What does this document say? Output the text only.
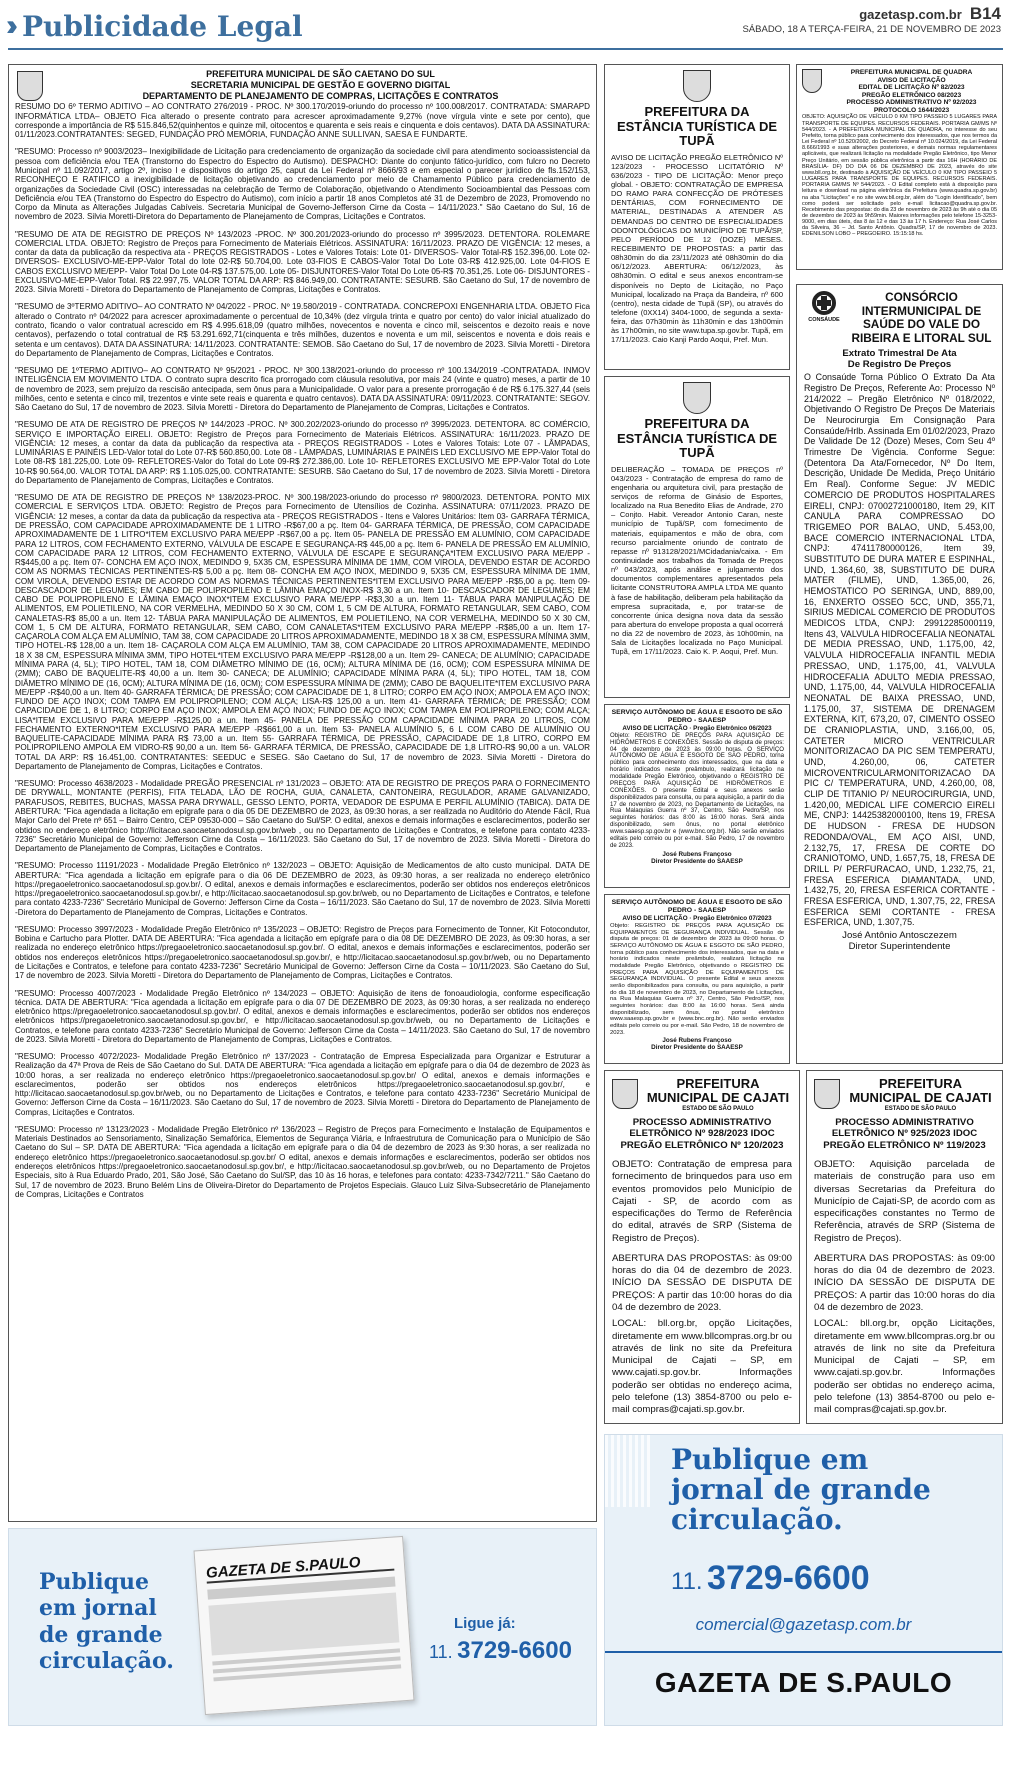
Publicidade Legal	gazetasp.com.br B14
SÁBADO, 18 A TERÇA-FEIRA, 21 DE NOVEMBRO DE 2023
PREFEITURA MUNICIPAL DE SÃO CAETANO DO SUL
SECRETARIA MUNICIPAL DE GESTÃO E GOVERNO DIGITAL
DEPARTAMENTO DE PLANEJAMENTO DE COMPRAS, LICITAÇÕES E CONTRATOS

RESUMO DO 6º TERMO ADITIVO – AO CONTRATO 276/2019 - PROC. Nº 300.170/2019-oriundo do processo nº 100.008/2017. CONTRATADA: SMARAPD INFORMÁTICA LTDA– OBJETO Fica alterado o presente contrato para acrescer aproximadamente 9,27% (nove vírgula vinte e sete por cento), que corresponde a importância de R$ 515.846,52(quinhentos e quinze mil, oitocentos e quarenta e seis reais e cinquenta e dois centavos). DATA DA ASSINATURA: 01/11/2023.CONTRATANTES: SEGED, FUNDAÇÃO PRÓ MEMÓRIA, FUNDAÇÃO ANNE SULLIVAN, SAESA E FUNDARTE.

"RESUMO: Processo nº 9003/2023– Inexigibilidade de Licitação para credenciamento de organização da sociedade civil para atendimento socioassistencial da pessoa com deficiência e/ou TEA (Transtorno do Espectro do Espectro do Autismo). DESPACHO: Diante do conjunto fático-jurídico, com fulcro no Decreto Municipal nº 11.092/2017, artigo 2º, inciso I e dispositivos do artigo 25, caput da Lei Federal nº 8666/93 e em especial o parecer jurídico de fls.152/153, RECONHEÇO E RATIFICO a inexigibilidade de licitação objetivando ao credenciamento por meio de Chamamento Público para credenciamento de organizações da Sociedade Civil (OSC) interessadas na celebração de Termo de Colaboração, objetivando o Atendimento Socioambiental das Pessoas com Deficiência e/ou TEA (Transtorno do Espectro do Espectro do Autismo), com início a partir 18 anos Completos até 31 de Dezembro de 2023, Promovendo no Corpo da Minuta as Alterações Julgadas Cabíveis. Secretaria Municipal de Governo-Jefferson Cirne da Costa – 14/11/2023." São Caetano do Sul, 16 de novembro de 2023. Silvia Moretti-Diretora do Departamento de Planejamento de Compras, Licitações e Contratos.

"RESUMO DE ATA DE REGISTRO DE PREÇOS Nº 143/2023 -PROC. Nº 300.201/2023-oriundo do processo nº 3995/2023. DETENTORA. ROLEMARE COMERCIAL LTDA. OBJETO: Registro de Preços para Fornecimento de Materiais Elétricos. ASSINATURA: 16/11/2023. PRAZO DE VIGÊNCIA: 12 meses, a contar da data da publicação da respectiva ata - PREÇOS REGISTRADOS - Lotes e Valores Totais: Lote 01- DIVERSOS- Valor Total-R$ 152.396,00. Lote 02- DIVERSOS- EXCLUSIVO-ME-EPP-Valor Total do lote 02-R$ 50.704,00. Lote 03-FIOS E CABOS-Valor Total Do Lote 03-R$ 412.925,00. Lote 04-FIOS E CABOS EXCLUSIVO ME/EPP- Valor Total Do Lote 04-R$ 137.575,00. Lote 05- DISJUNTORES-Valor Total Do Lote 05-R$ 70.351,25. Lote 06- DISJUNTORES - EXCLUSIVO-ME-EPP-Valor Total. R$ 22.997,75. VALOR TOTAL DA ARP: R$ 846.949,00. CONTRATANTE: SESURB. São Caetano do Sul, 17 de novembro de 2023. Silvia Moretti - Diretora do Departamento de Planejamento de Compras, Licitações e Contratos.

"RESUMO de 3ºTERMO ADITIVO– AO CONTRATO Nº 04/2022 - PROC. Nº 19.580/2019 - CONTRATADA. CONCREPOXI ENGENHARIA LTDA. OBJETO Fica alterado o Contrato nº 04/2022 para acrescer aproximadamente o percentual de 10,34% (dez vírgula trinta e quatro por cento) do valor inicial atualizado do contrato, ficando o valor contratual acrescido em R$ 4.995.618,09 (quatro milhões, novecentos e noventa e cinco mil, seiscentos e dezoito reais e nove centavos), perfazendo o total contratual de R$ 53.291.692,71(cinquenta e três milhões, duzentos e noventa e um mil, seiscentos e noventa e dois reais e setenta e um centavos). DATA DA ASSINATURA: 14/11/2023. CONTRATANTE: SEMOB. São Caetano do Sul, 17 de novembro de 2023. Silvia Moretti - Diretora do Departamento de Planejamento de Compras, Licitações e Contratos.

"RESUMO DE 1ºTERMO ADITIVO– AO CONTRATO Nº 95/2021 - PROC. Nº 300.138/2021-oriundo do processo nº 100.134/2019 -CONTRATADA. INMOV INTELIGÊNCIA EM MOVIMENTO LTDA. O contrato supra descrito fica prorrogado com cláusula resolutiva, por mais 24 (vinte e quatro) meses, a partir de 10 de novembro de 2023, sem prejuízo da rescisão antecipada, sem ônus para a Municipalidade. O valor para a presente prorrogação é de R$ 6.175.327,44 (seis milhões, cento e setenta e cinco mil, trezentos e vinte sete reais e quarenta e quatro centavos). DATA DA ASSINATURA: 09/11/2023. CONTRATANTE: SEGOV. São Caetano do Sul, 17 de novembro de 2023. Silvia Moretti - Diretora do Departamento de Planejamento de Compras, Licitações e Contratos.

"RESUMO DE ATA DE REGISTRO DE PREÇOS Nº 144/2023 -PROC. Nº 300.202/2023-oriundo do processo nº 3995/2023. DETENTORA. 8C COMÉRCIO, SERVIÇO E IMPORTAÇÃO EIRELI. OBJETO: Registro de Preços para Fornecimento de Materiais Elétricos. ASSINATURA: 16/11/2023. PRAZO DE VIGÊNCIA: 12 meses, a contar da data da publicação da respectiva ata - PREÇOS REGISTRADOS - Lotes e Valores Totais: Lote 07 - LÂMPADAS, LUMINÁRIAS E PAINÉIS LED-Valor total do Lote 07-R$ 560.850,00. Lote 08 - LÂMPADAS, LUMINÁRIAS E PAINÉIS LED EXCLUSIVO ME EPP-Valor Total do Lote 08-R$ 181.225,00. Lote 09- REFLETORES-Valor do Total do Lote 09-R$ 272.386,00. Lote 10- REFLETORES EXCLUSIVO ME EPP-Valor Total do Lote 10-R$ 90.564,00. VALOR TOTAL DA ARP: R$ 1.105.025,00. CONTRATANTE: SESURB. São Caetano do Sul, 17 de novembro de 2023. Silvia Moretti - Diretora do Departamento de Planejamento de Compras, Licitações e Contratos.

"RESUMO DE ATA DE REGISTRO DE PREÇOS Nº 138/2023-PROC. Nº 300.198/2023-oriundo do processo nº 9800/2023. DETENTORA. PONTO MIX COMERCIAL E SERVIÇOS LTDA. OBJETO: Registro de Preços para Fornecimento de Utensílios de Cozinha. ASSINATURA: 07/11/2023. PRAZO DE VIGÊNCIA: 12 meses, a contar da data da publicação da respectiva ata - PREÇOS REGISTRADOS - Itens e Valores Unitários: Item 03- GARRAFA TÉRMICA, DE PRESSÃO, COM CAPACIDADE APROXIMADAMENTE DE 1 LITRO -R$67,00 a pç. Item 04- GARRAFA TÉRMICA, DE PRESSÃO, COM CAPACIDADE APROXIMADAMENTE DE 1 LITRO*ITEM EXCLUSIVO PARA ME/EPP -R$67,00 a pç. Item 05- PANELA DE PRESSÃO EM ALUMÍNIO, COM CAPACIDADE PARA 12 LITROS, COM FECHAMENTO EXTERNO, VÁLVULA DE ESCAPE E SEGURANÇA-R$ 445,00 a pç. Item 6- PANELA DE PRESSÃO EM ALUMÍNIO, COM CAPACIDADE PARA 12 LITROS, COM FECHAMENTO EXTERNO, VÁLVULA DE ESCAPE E SEGURANÇA*ITEM EXCLUSIVO PARA ME/EPP -R$445,00 a pç. Item 07- CONCHA EM AÇO INOX, MEDINDO 9, 5X35 CM, ESPESSURA MÍNIMA DE 1MM, COM VIROLA, DEVENDO ESTAR DE ACORDO COM AS NORMAS TÉCNICAS PERTINENTES-R$ 5,00 a pç. Item 08- CONCHA EM AÇO INOX, MEDINDO 9, 5X35 CM, ESPESSURA MÍNIMA DE 1MM, COM VIROLA, DEVENDO ESTAR DE ACORDO COM AS NORMAS TÉCNICAS PERTINENTES*ITEM EXCLUSIVO PARA ME/EPP -R$5,00 a pç. Item 09- DESCASCADOR DE LEGUMES; EM CABO DE POLIPROPILENO E LÂMINA EMAÇO INOX-R$ 3,30 a un. Item 10- DESCASCADOR DE LEGUMES; EM CABO DE POLIPROPILENO E LÂMINA EMAÇO INOX*ITEM EXCLUSIVO PARA ME/EPP -R$3,30 a un. Item 11- TÁBUA PARA MANIPULAÇÃO DE ALIMENTOS, EM POLIETILENO, NA COR VERMELHA, MEDINDO 50 X 30 CM, COM 1, 5 CM DE ALTURA, FORMATO RETANGULAR, SEM CABO, COM CANALETAS-R$ 85,00 a un. Item 12- TÁBUA PARA MANIPULAÇÃO DE ALIMENTOS, EM POLIETILENO, NA COR VERMELHA, MEDINDO 50 X 30 CM, COM 1, 5 CM DE ALTURA, FORMATO RETANGULAR, SEM CABO, COM CANALETAS*ITEM EXCLUSIVO PARA ME/EPP -R$85,00 a un. Item 17- CAÇAROLA COM ALÇA EM ALUMÍNIO, TAM 38, COM CAPACIDADE 20 LITROS APROXIMADAMENTE, MEDINDO 18 X 38 CM, ESPESSURA MÍNIMA 3MM, TIPO HOTEL-R$ 128,00 a un. Item 18- CAÇAROLA COM ALÇA EM ALUMÍNIO, TAM 38, COM CAPACIDADE 20 LITROS APROXIMADAMENTE, MEDINDO 18 X 38 CM, ESPESSURA MÍNIMA 3MM, TIPO HOTEL*ITEM EXCLUSIVO PARA ME/EPP -R$128,00 a un. Item 29- CANECA; DE ALUMÍNIO; CAPACIDADE MÍNIMA PARA (4, 5L); TIPO HOTEL, TAM 18, COM DIÂMETRO MÍNIMO DE (16, 0CM); ALTURA MÍNIMA DE (16, 0CM); COM ESPESSURA MÍNIMA DE (2MM); CABO DE BAQUELITE-R$ 40,00 a un. Item 30- CANECA; DE ALUMÍNIO; CAPACIDADE MÍNIMA PARA (4, 5L); TIPO HOTEL, TAM 18, COM DIÂMETRO MÍNIMO DE (16, 0CM); ALTURA MÍNIMA DE (16, 0CM); COM ESPESSURA MÍNIMA DE (2MM); CABO DE BAQUELITE*ITEM EXCLUSIVO PARA ME/EPP -R$40,00 a un. Item 40- GARRAFA TÉRMICA; DE PRESSÃO; COM CAPACIDADE DE 1, 8 LITRO; CORPO EM AÇO INOX; AMPOLA EM AÇO INOX; FUNDO DE AÇO INOX; COM TAMPA EM POLIPROPILENO; COM ALÇA; LISA-R$ 125,00 a un. Item 41- GARRAFA TÉRMICA; DE PRESSÃO; COM CAPACIDADE DE 1, 8 LITRO; CORPO EM AÇO INOX; AMPOLA EM AÇO INOX; FUNDO DE AÇO INOX; COM TAMPA EM POLIPROPILENO; COM ALÇA; LISA*ITEM EXCLUSIVO PARA ME/EPP -R$125,00 a un. Item 45- PANELA DE PRESSÃO COM CAPACIDADE MÍNIMA PARA 20 LITROS, COM FECHAMENTO EXTERNO*ITEM EXCLUSIVO PARA ME/EPP -R$661,00 a un. Item 53- PANELA ALUMÍNIO 5, 6 L COM CABO DE ALUMÍNIO OU BAQUELITE-CAPACIDADE MÍNIMA PARA R$ 73,00 a un. Item 55- GARRAFA TÉRMICA, DE PRESSÃO, CAPACIDADE DE 1,8 LITRO, CORPO EM POLIPROPILENO AMPOLA EM VIDRO-R$ 90,00 a un. Item 56- GARRAFA TÉRMICA, DE PRESSÃO, CAPACIDADE DE 1,8 LITRO-R$ 90,00 a un. VALOR TOTAL DA ARP: R$ 16.451,00. CONTRATANTES: SEEDUC e SESEG. São Caetano do Sul, 17 de novembro de 2023. Silvia Moretti - Diretora do Departamento de Planejamento de Compras, Licitações e Contratos.

"RESUMO: Processo 4638/2023 - Modalidade PREGÃO PRESENCIAL nº 131/2023 – OBJETO: ATA DE REGISTRO DE PREÇOS PARA O FORNECIMENTO DE DRYWALL, MONTANTE (PERFIS), FITA TELADA, LÃO DE ROCHA, GUIA, CANALETA, CANTONEIRA, REGULADOR, ARAME GALVANIZADO, PARAFUSOS, REBITES, BUCHAS, MASSA PARA DRYWALL, GESSO LENTO, PORTA, VEDADOR DE ESPUMA E PERFIL ALUMÍNIO (TABICA). DATA DE ABERTURA: "Fica agendada a licitação em epígrafe para o dia 05 DE DEZEMBRO de 2023, às 09:30 horas, a ser realizada no Auditório do Atende Fácil, Rua Major Carlo del Prete nº 651 – Bairro Centro, CEP 09530-000 – São Caetano do Sul/SP. O edital, anexos e demais informações e esclarecimentos, poderão ser obtidos no endereço eletrônico http://licitacao.saocaetanodosul.sp.gov.br/web , ou no Departamento de Licitações e Contratos, e telefone para contato 4233-7236" Secretário Municipal de Governo: Jefferson Cirne da Costa – 16/11/2023. São Caetano do Sul, 17 de novembro de 2023. Silvia Moretti - Diretora do Departamento de Planejamento de Compras, Licitações e Contratos.

"RESUMO: Processo 11191/2023 - Modalidade Pregão Eletrônico nº 132/2023 – OBJETO: Aquisição de Medicamentos de alto custo municipal. DATA DE ABERTURA: "Fica agendada a licitação em epígrafe para o dia 06 DE DEZEMBRO de 2023, às 09:30 horas, a ser realizada no endereço eletrônico https://pregaoeletronico.saocaetanodosul.sp.gov.br/. O edital, anexos e demais informações e esclarecimentos, poderão ser obtidos nos endereços eletrônicos https://pregaoeletronico.saocaetanodosul.sp.gov.br/, e http://licitacao.saocaetanodosul.sp.gov.br/web, ou no Departamento de Licitações e Contratos, e telefone para contato 4233-7236" Secretário Municipal de Governo: Jefferson Cirne da Costa – 16/11/2023. São Caetano do Sul, 17 de novembro de 2023. Silvia Moretti -Diretora do Departamento de Planejamento de Compras, Licitações e Contratos.

"RESUMO: Processo 3997/2023 - Modalidade Pregão Eletrônico nº 135/2023 – OBJETO: Registro de Preços para Fornecimento de Tonner, Kit Fotocondutor, Bobina e Cartucho para Plotter. DATA DE ABERTURA: "Fica agendada a licitação em epígrafe para o dia 08 DE DEZEMBRO DE 2023, às 09:30 horas, a ser realizada no endereço eletrônico https://pregaoeletronico.saocaetanodosul.sp.gov.br/. O edital, anexos e demais informações e esclarecimentos, poderão ser obtidos nos endereços eletrônicos https://pregaoeletronico.saocaetanodosul.sp.gov.br/, e http://licitacao.saocaetanodosul.sp.gov.br/web, ou no Departamento de Licitações e Contratos, e telefone para contato 4233-7236" Secretário Municipal de Governo: Jefferson Cirne da Costa – 10/11/2023. São Caetano do Sul, 17 de novembro de 2023. Silvia Moretti - Diretora do Departamento de Planejamento de Compras, Licitações e Contratos.

"RESUMO: Processo 4007/2023 - Modalidade Pregão Eletrônico nº 134/2023 – OBJETO: Aquisição de itens de fonoaudiologia, conforme especificação técnica. DATA DE ABERTURA: "Fica agendada a licitação em epígrafe para o dia 07 DE DEZEMBRO DE 2023, às 09:30 horas, a ser realizada no endereço eletrônico https://pregaoeletronico.saocaetanodosul.sp.gov.br/. O edital, anexos e demais informações e esclarecimentos, poderão ser obtidos nos endereços eletrônicos https://pregaoeletronico.saocaetanodosul.sp.gov.br/, e http://licitacao.saocaetanodosul.sp.gov.br/web, ou no Departamento de Licitações e Contratos, e telefone para contato 4233-7236" Secretário Municipal de Governo: Jefferson Cirne da Costa – 14/11/2023. São Caetano do Sul, 17 de novembro de 2023. Silvia Moretti - Diretora do Departamento de Planejamento de Compras, Licitações e Contratos.

"RESUMO: Processo 4072/2023- Modalidade Pregão Eletrônico nº 137/2023 - Contratação de Empresa Especializada para Organizar e Estruturar a Realização da 47ª Prova de Reis de São Caetano do Sul. DATA DE ABERTURA: "Fica agendada a licitação em epígrafe para o dia 04 de dezembro de 2023 às 10:00 horas, a ser realizada no endereço eletrônico https://pregaoeletronico.saocaetanodosul.sp.gov.br/ O edital, anexos e demais informações e esclarecimentos, poderão ser obtidos nos endereços eletrônicos https://pregaoeletronico.saocaetanodosul.sp.gov.br/, e http://licitacao.saocaetanodosul.sp.gov.br/web, ou no Departamento de Licitações e Contratos, e telefone para contato 4233-7236" Secretário Municipal de Governo: Jefferson Cirne da Costa – 16/11/2023. São Caetano do Sul, 17 de novembro de 2023. Silvia Moretti - Diretora do Departamento de Planejamento de Compras, Licitações e Contratos.

"RESUMO: Processo nº 13123/2023 - Modalidade Pregão Eletrônico nº 136/2023 – Registro de Preços para Fornecimento e Instalação de Equipamentos e Materiais Destinados ao Sensoriamento, Sinalização Semafórica, Elementos de Segurança Viária, e Infraestrutura de Comunicação para o Município de São Caetano do Sul – SP. DATA DE ABERTURA: "Fica agendada a licitação em epígrafe para o dia 04 de dezembro de 2023 às 9:30 horas, a ser realizada no endereço eletrônico https://pregaoeletronico.saocaetanodosul.sp.gov.br/ O edital, anexos e demais informações e esclarecimentos, poderão ser obtidos nos endereços eletrônicos https://pregaoeletronico.saocaetanodosul.sp.gov.br/, e http://licitacao.saocaetanodosul.sp.gov.br/web, ou no Departamento de Projetos Especiais, sito à Rua Eduardo Prado, 201, São José, São Caetano do Sul/SP, das 10 às 16 horas, e telefones para contato: 4233-7342/7211." São Caetano do Sul, 17 de novembro de 2023. Bruno Belém Lins de Oliveira-Diretor do Departamento de Projetos Especiais. Glauco Luiz Silva-Subsecretário de Planejamento de Compras, Licitações e Contratos

PREFEITURA DA ESTÂNCIA TURÍSTICA DE TUPÃ
AVISO DE LICITAÇÃO PREGÃO ELETRÔNICO Nº 123/2023 - PROCESSO LICITATÓRIO Nº 636/2023 - TIPO DE LICITAÇÃO: Menor preço global. - OBJETO: CONTRATAÇÃO DE EMPRESA DO RAMO PARA CONFECÇÃO DE PRÓTESES DENTÁRIAS, COM FORNECIMENTO DE MATERIAL, DESTINADAS A ATENDER AS DEMANDAS DO CENTRO DE ESPECIALIDADES ODONTOLÓGICAS DO MUNICÍPIO DE TUPÃ/SP, PELO PERÍODO DE 12 (DOZE) MESES. RECEBIMENTO DE PROPOSTAS: a partir das 08h30min do dia 23/11/2023 até 08h30min do dia 06/12/2023. ABERTURA: 06/12/2023, às 08h30min. O edital e seus anexos encontram-se disponíveis no Depto de Licitação, no Paço Municipal, localizado na Praça da Bandeira, nº 600 (centro), nesta cidade de Tupã (SP), ou através do telefone (0XX14) 3404-1000, de segunda a sexta-feira, das 07h30min às 11h30min e das 13h00min às 17h00min, no site www.tupa.sp.gov.br. Tupã, em 17/11/2023. Caio Kanji Pardo Aoqui, Pref. Mun.
PREFEITURA DA ESTÂNCIA TURÍSTICA DE TUPÃ
DELIBERAÇÃO – TOMADA DE PREÇOS nº 043/2023 - Contratação de empresa do ramo de engenharia ou arquitetura civil, para prestação de serviços de reforma de Ginásio de Esportes, localizado na Rua Benedito Elias de Andrade, 270 – Conjto. Habit. Vereador Antonio Caran, neste município de Tupã/SP, com fornecimento de materiais, equipamentos e mão de obra, com recurso parcialmente oriundo de contrato de repasse nº 913128/2021/MCidadania/caixa. - Em continuidade aos trabalhos da Tomada de Preços nº 043/2023, após análise e julgamento dos documentos complementares apresentados pela licitante CONSTRUTORA AMPLA LTDA ME quanto à fase de habilitação, deliberam pela habilitação da empresa supracitada, e, por tratar-se de concorrente única designa nova data da sessão para abertura do envelope proposta a qual ocorrerá no dia 22 de novembro de 2023, às 10h00min, na Sala de Licitações localizada no Paço Municipal. Tupã, em 17/11/2023. Caio K. P. Aoqui, Pref. Mun.
SERVIÇO AUTÔNOMO DE ÁGUA E ESGOTO DE SÃO PEDRO - SAAESP
AVISO DE LICITAÇÃO · Pregão Eletrônico 06/2023
Objeto: REGISTRO DE PREÇOS PARA AQUISIÇÃO DE HIDRÔMETROS E CONEXÕES. Sessão de disputa de preços: 04 de dezembro de 2023 às 09:00 horas. O SERVIÇO AUTÔNOMO DE ÁGUA E ESGOTO DE SÃO PEDRO, torna público para conhecimento dos interessados, que na data e horário indicados neste preâmbulo, realizará licitação na modalidade Pregão Eletrônico, objetivando o REGISTRO DE PREÇOS PARA AQUISIÇÃO DE HIDRÔMETROS E CONEXÕES. O presente Edital e seus anexos serão disponibilizados para consulta, ou para aquisição, a partir do dia 17 de novembro de 2023, no Departamento de Licitações, na Rua Malaquias Guerra nº 37, Centro, São Pedro/SP, nos seguintes horários: das 8:00 às 16:00 horas. Será ainda disponibilizado, sem ônus, no portal eletrônico www.saaesp.sp.gov.br e (www.bnc.org.br). Não serão enviados editais pelo correio ou por e-mail. São Pedro, 17 de novembro de 2023.
José Rubens Françoso
Diretor Presidente do SAAESP
SERVIÇO AUTÔNOMO DE ÁGUA E ESGOTO DE SÃO PEDRO - SAAESP
AVISO DE LICITAÇÃO · Pregão Eletrônico 07/2023
Objeto: REGISTRO DE PREÇOS PARA AQUISIÇÃO DE EQUIPAMENTOS DE SEGURANÇA INDIVIDUAL. Sessão de disputa de preços: 01 de dezembro de 2023 às 09:00 horas. O SERVIÇO AUTÔNOMO DE ÁGUA E ESGOTO DE SÃO PEDRO, torna público para conhecimento dos interessados, que na data e horário indicados neste preâmbulo, realizará licitação na modalidade Pregão Eletrônico, objetivando o REGISTRO DE PREÇOS PARA AQUISIÇÃO DE EQUIPAMENTOS DE SEGURANÇA INDIVIDUAL. O presente Edital e seus anexos serão disponibilizados para consulta, ou para aquisição, a partir do dia 18 de novembro de 2023, no Departamento de Licitações, na Rua Malaquias Guerra nº 37, Centro, São Pedro/SP, nos seguintes horários: das 8:00 às 16:00 horas. Será ainda disponibilizado, sem ônus, no portal eletrônico www.saaesp.sp.gov.br e (www.bnc.org.br). Não serão enviados editais pelo correio ou por e-mail. São Pedro, 18 de novembro de 2023.
José Rubens Françoso
Diretor Presidente do SAAESP
PREFEITURA MUNICIPAL DE QUADRA
AVISO DE LICITAÇÃO
EDITAL DE LICITAÇÃO Nº 82/2023
PREGÃO ELETRÔNICO 08/2023
PROCESSO ADMINISTRATIVO Nº 92/2023
PROTOCOLO 1644/2023
OBJETO: AQUISIÇÃO DE VEÍCULO 0 KM TIPO PASSEIO 5 LUGARES PARA TRANSPORTE DE EQUIPES. RECURSOS FEDERAIS. PORTARIA GM/MS Nº 544/2023. - A PREFEITURA MUNICIPAL DE QUADRA, no interesse do seu Prefeito, torna público para conhecimento dos interessados, que nos termos da Lei Federal nº 10.520/2002, do Decreto Federal nº 10.024/2019, da Lei Federal 8.666/1993 e suas alterações posteriores, e demais normas regulamentares aplicáveis, que realizará licitação na modalidade Pregão Eletrônico, tipo Menor Preço Unitário, em sessão pública eletrônica a partir das 16H (HORÁRIO DE BRASÍLIA- DF) DO DIA 06 DE DEZEMBRO DE 2023, através do site www.bll.org.br, destinado à AQUISIÇÃO DE VEÍCULO 0 KM TIPO PASSEIO 5 LUGARES PARA TRANSPORTE DE EQUIPES. RECURSOS FEDERAIS. PORTARIA GM/MS Nº 544/2023. - O Edital completo está à disposição para leitura e download na página eletrônica da Prefeitura (www.quadra.sp.gov.br) na aba "Licitações" e no site www.bll.org.br, além do "Login Identificado", bem como poderá ser solicitado pelo e-mail licitacao@quadra.sp.gov.br. Recebimento das propostas: do dia 23 de novembro de 2023 às 9h até o dia 05 de dezembro de 2023 às 9h59min. Maiores informações pelo telefone 15-3253-9000, em dias úteis, das 8 às 12 e das 13 às 17 h. Endereço: Rua José Carlos da Silveira, 36 – Jd. Santo Antônio. Quadra/SP, 17 de novembro de 2023. EDENILSON LOBO – PREGOEIRO. 15:15:18 hs.
CONSÁUDE
CONSÓRCIO INTERMUNICIPAL DE SAÚDE DO VALE DO RIBEIRA E LITORAL SUL
Extrato Trimestral De Ata
De Registro De Preços
O Consaúde Torna Público O Extrato Da Ata Registro De Preços, Referente Ao: Processo Nº 214/2022 – Pregão Eletrônico Nº 018/2022, Objetivando O Registro De Preços De Materiais De Neurocirurgia Em Consignação Para Consaúde/Hrlb. Assinada Em 01/02/2023, Prazo De Validade De 12 (Doze) Meses, Com Seu 4º Trimestre De Vigência. Conforme Segue: (Detentora Da Ata/Fornecedor, Nº Do Item, Descrição, Unidade De Medida, Preço Unitário Em Real). Conforme Segue: JV MEDIC COMERCIO DE PRODUTOS HOSPITALARES EIRELI, CNPJ: 07002721000180, Item 29, KIT CANULA PARA COMPRESSAO DO TRIGEMEO POR BALAO, UND, 5.453,00, BACE COMERCIO INTERNACIONAL LTDA, CNPJ: 47411780000126, Item 39, SUBSTITUTO DE DURA MATER E ESPINHAL, UND, 1.364,60, 38, SUBSTITUTO DE DURA MATER (FILME), UND, 1.365,00, 26, HEMOSTATICO PO SERINGA, UND, 889,00, 16, ENXERTO OSSEO 5CC, UND, 355,71, SIRIUS MEDICAL COMERCIO DE PRODUTOS MEDICOS LTDA, CNPJ: 29912285000119, Itens 43, VALVULA HIDROCEFALIA NEONATAL DE MEDIA PRESSAO, UND, 1.175,00, 42, VALVULA HIDROCEFALIA INFANTIL MEDIA PRESSAO, UND, 1.175,00, 41, VALVULA HIDROCEFALIA ADULTO MEDIA PRESSAO, UND, 1.175,00, 44, VALVULA HIDROCEFALIA NEONATAL DE BAIXA PRESSAO, UND, 1.175,00, 37, SISTEMA DE DRENAGEM EXTERNA, KIT, 673,20, 07, CIMENTO OSSEO DE CRANIOPLASTIA, UND, 3.166,00, 05, CATETER MICRO VENTRICULAR MONITORIZACAO DA PIC SEM TEMPERATU, UND, 4.260,00, 06, CATETER MICROVENTRICULARMONITORIZACAO DA PIC C/ TEMPERATURA, UND, 4.260,00, 08, CLIP DE TITANIO P/ NEUROCIRURGIA, UND, 1.420,00, MEDICAL LIFE COMERCIO EIRELI ME, CNPJ: 14425382000100, Itens 19, FRESA DE HUDSON - FRESA DE HUDSON REDONDA/OVAL, EM AÇO AISI, UND, 2.132,75, 17, FRESA DE CORTE DO CRANIOTOMO, UND, 1.657,75, 18, FRESA DE DRILL P/ PERFURACAO, UND, 1.232,75, 21, FRESA ESFERICA DIAMANTADA, UND, 1.432,75, 20, FRESA ESFERICA CORTANTE - FRESA ESFERICA, UND, 1.307,75, 22, FRESA ESFERICA SEMI CORTANTE - FRESA ESFERICA, UND, 1.307,75.
José Antônio Antosczezem
Diretor Superintendente
PREFEITURA MUNICIPAL DE CAJATI
ESTADO DE SÃO PAULO
PROCESSO ADMINISTRATIVO ELETRÔNICO Nº 928/2023 IDOC PREGÃO ELETRÔNICO Nº 120/2023
OBJETO: Contratação de empresa para fornecimento de brinquedos para uso em eventos promovidos pelo Município de Cajati - SP, de acordo com as especificações do Termo de Referência do edital, através de SRP (Sistema de Registro de Preços).
ABERTURA DAS PROPOSTAS: às 09:00 horas do dia 04 de dezembro de 2023. INÍCIO DA SESSÃO DE DISPUTA DE PREÇOS: A partir das 10:00 horas do dia 04 de dezembro de 2023.
LOCAL: bll.org.br, opção Licitações, diretamente em www.bllcompras.org.br ou através de link no site da Prefeitura Municipal de Cajati – SP, em www.cajati.sp.gov.br. Informações poderão ser obtidas no endereço acima, pelo telefone (13) 3854-8700 ou pelo e-mail compras@cajati.sp.gov.br.
PREFEITURA MUNICIPAL DE CAJATI
ESTADO DE SÃO PAULO
PROCESSO ADMINISTRATIVO ELETRÔNICO Nº 925/2023 IDOC PREGÃO ELETRÔNICO Nº 119/2023
OBJETO: Aquisição parcelada de materiais de construção para uso em diversas Secretarias da Prefeitura do Município de Cajati-SP, de acordo com as especificações constantes no Termo de Referência, através de SRP (Sistema de Registro de Preços).
ABERTURA DAS PROPOSTAS: às 09:00 horas do dia 04 de dezembro de 2023. INÍCIO DA SESSÃO DE DISPUTA DE PREÇOS: A partir das 10:00 horas do dia 04 de dezembro de 2023.
LOCAL: bll.org.br, opção Licitações, diretamente em www.bllcompras.org.br ou através de link no site da Prefeitura Municipal de Cajati – SP, em www.cajati.sp.gov.br. Informações poderão ser obtidas no endereço acima, pelo telefone (13) 3854-8700 ou pelo e-mail compras@cajati.sp.gov.br.
Publique em
jornal de grande
circulação.
11. 3729-6600
comercial@gazetasp.com.br
GAZETA DE S.PAULO
Publique
em jornal
de grande
circulação.
GAZETA DE S.PAULO
Ligue já:
11. 3729-6600
